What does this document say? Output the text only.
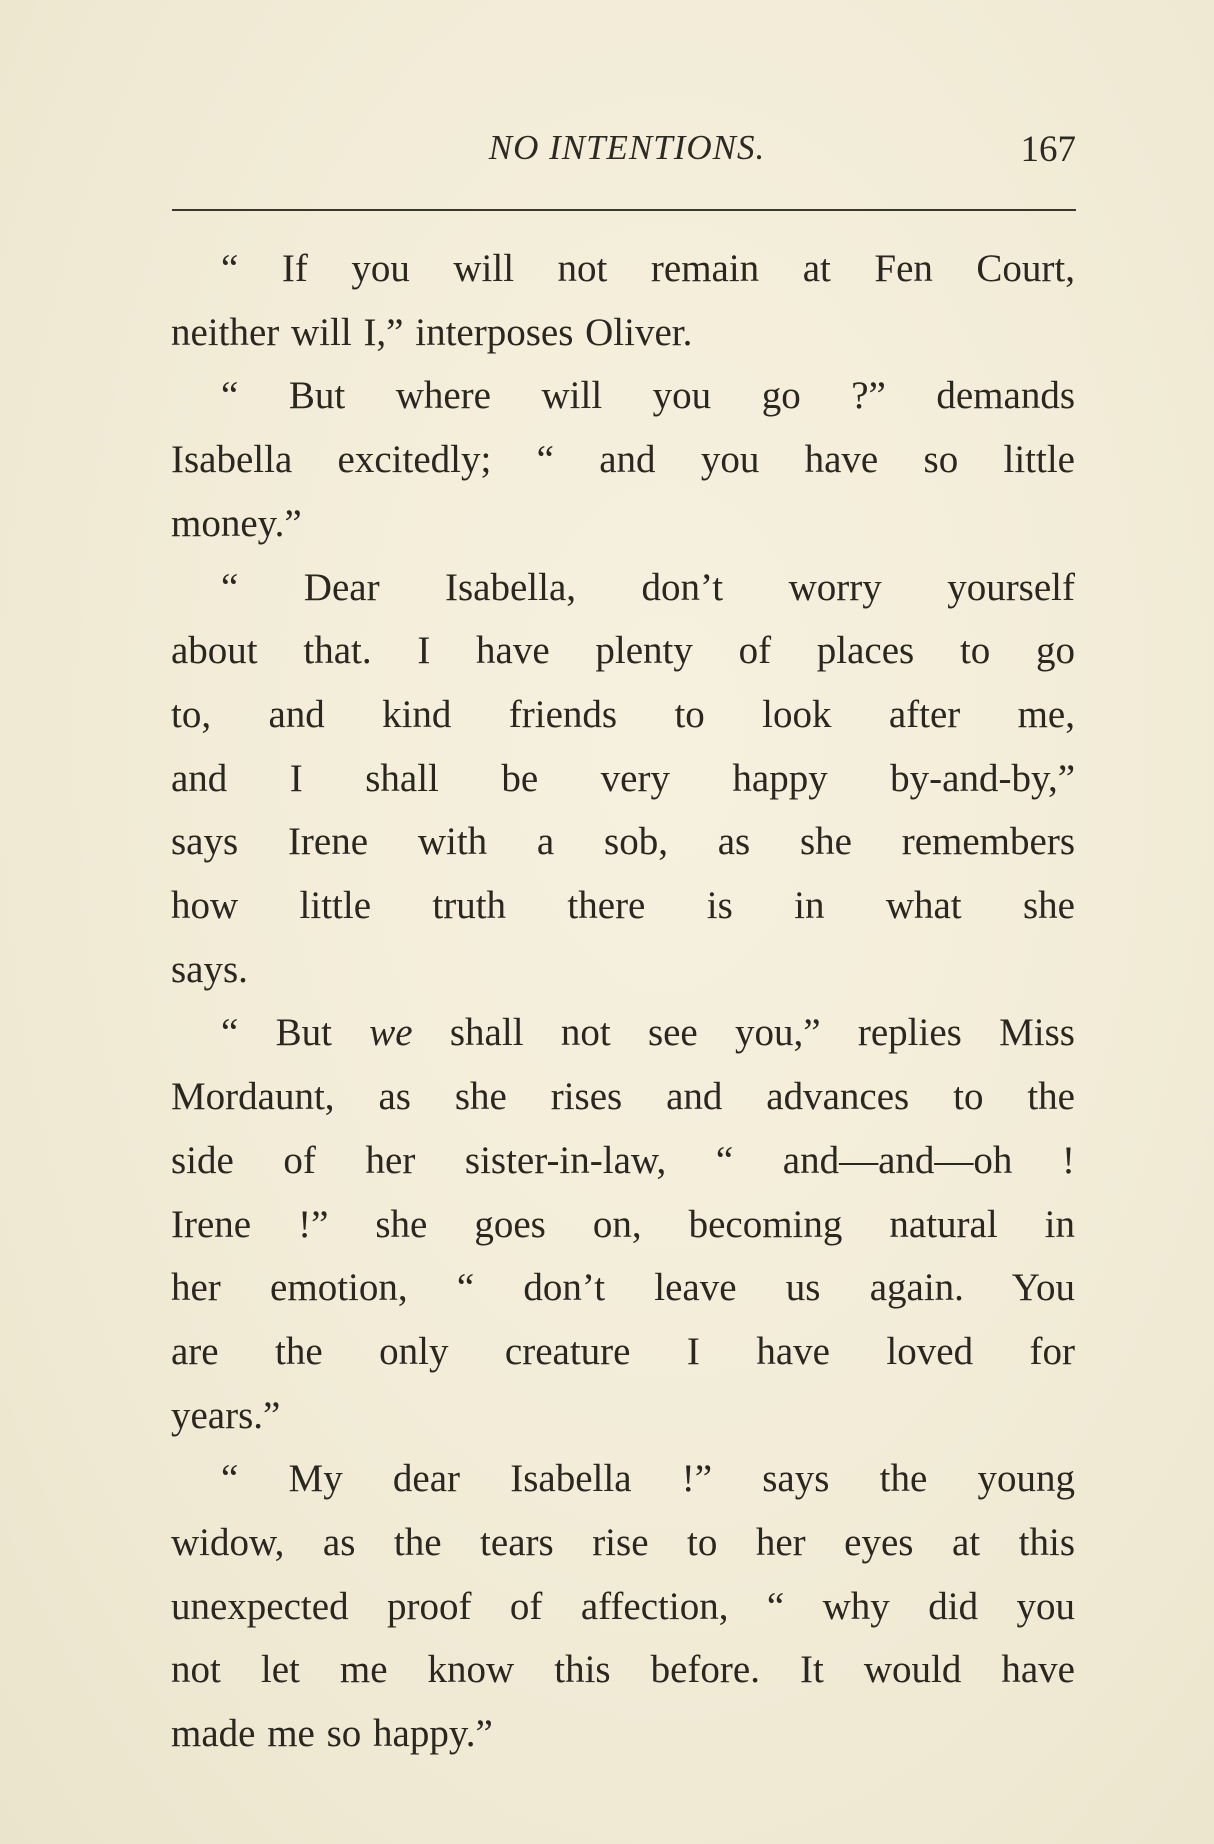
NO INTENTIONS.	167

“ If you will not remain at Fen Court,
neither will I,” interposes Oliver.

“ But where will you go ?” demands
Isabella excitedly; “ and you have so little
money.”

“ Dear Isabella, don’t worry yourself
about that. I have plenty of places to go
to, and kind friends to look after me,
and I shall be very happy by-and-by,”
says Irene with a sob, as she remembers
how little truth there is in what she
says.

“ But we shall not see you,” replies Miss
Mordaunt, as she rises and advances to the
side of her sister-in-law, “ and—and—oh !
Irene !” she goes on, becoming natural in
her emotion, “ don’t leave us again. You
are the only creature I have loved for
years.”

“ My dear Isabella !” says the young
widow, as the tears rise to her eyes at this
unexpected proof of affection, “ why did you
not let me know this before. It would have
made me so happy.”
